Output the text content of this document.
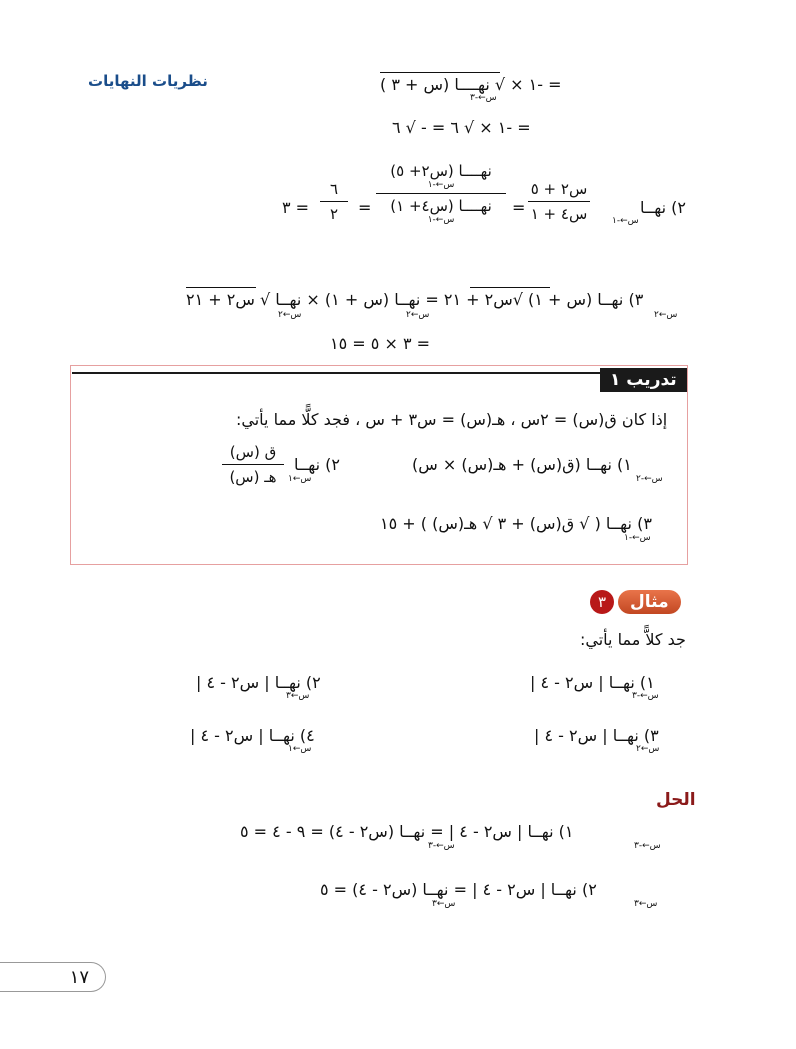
نظريات النهايات	= -١ × √ نهــــا (س + ٣ )
س←-٣
= -١ × √ ٦ = - √ ٦
٢) نهــا
س←-١
س٢ + ٥
س٤ + ١
=
نهــــا (س٢+ ٥)
س←-١
نهــــا (س٤+ ١)
س←-١
=
٦
٢
= ٣
٣) نهــا (س + ١) √س٢ + ٢١ = نهــا (س + ١) × نهــا √ س٢ + ٢١
س←٢
س←٢
س←٢
= ٣ × ٥ = ١٥
تدريب ١
إذا كان ق(س) = ٢س ، هـ(س) = س٣ + س ، فجد كلًّا مما يأتي:
١) نهــا (ق(س) + هـ(س) × س)
س←-٢
٢) نهــا
س←١
ق (س)
هـ (س)
٣) نهــا ( √ ق(س) + ٣ √ هـ(س) ) + ١٥
س←-١
٣	مثال
جد كلاًّ مما يأتي:
١) نهــا | س٢ - ٤ |
س←-٣
٢) نهــا | س٢ - ٤ |
س←٣
٣) نهــا | س٢ - ٤ |
س←٢
٤) نهــا | س٢ - ٤ |
س←١
الحل
١) نهــا | س٢ - ٤ | = نهــا (س٢ - ٤) = ٩ - ٤ = ٥
س←-٣
س←-٣
٢) نهــا | س٢ - ٤ | = نهــا (س٢ - ٤) = ٥
س←٣
س←٣
١٧
